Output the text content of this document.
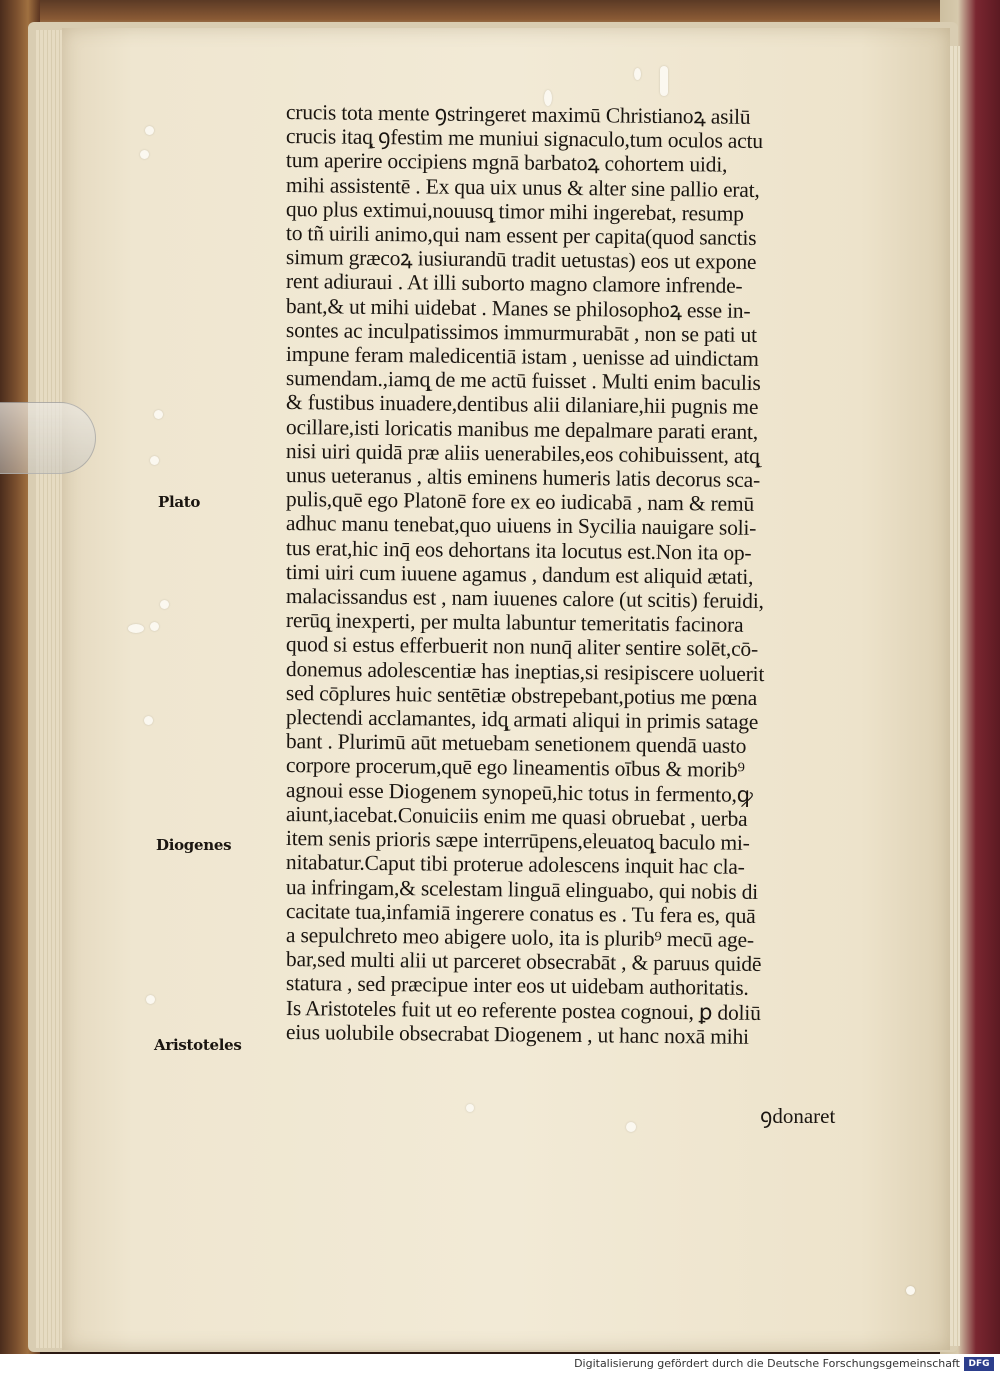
Plato
Diogenes
Aristoteles
crucis tota mente ꝯstringeret maximū Christianoꝝ asilū
crucis itaq̨ ꝯfestim me muniui signaculo,tum oculos actu
tum aperire occipiens mgnā barbatoꝝ cohortem uidi,
mihi assistentē . Ex qua uix unus & alter sine pallio erat,
quo plus extimui,nouusq̨ timor mihi ingerebat, resump
to tñ uirili animo,qui nam essent per capita(quod sanctis
simum græcoꝝ iusiurandū tradit uetustas) eos ut expone
rent adiuraui . At illi suborto magno clamore infrende-
bant,& ut mihi uidebat . Manes se philosophoꝝ esse in-
sontes ac inculpatissimos immurmurabāt , non se pati ut
impune feram maledicentiā istam , uenisse ad uindictam
sumendam.,iamq̨ de me actū fuisset . Multi enim baculis
& fustibus inuadere,dentibus alii dilaniare,hii pugnis me
ocillare,isti loricatis manibus me depalmare parati erant,
nisi uiri quidā præ aliis uenerabiles,eos cohibuissent, atq̨
unus ueteranus , altis eminens humeris latis decorus sca-
pulis,quē ego Platonē fore ex eo iudicabā , nam & remū
adhuc manu tenebat,quo uiuens in Sycilia nauigare soli-
tus erat,hic inq̄ eos dehortans ita locutus est.Non ita op-
timi uiri cum iuuene agamus , dandum est aliquid ætati,
malacissandus est , nam iuuenes calore (ut scitis) feruidi,
rerūq̨ inexperti, per multa labuntur temeritatis facinora
quod si estus efferbuerit non nunq̄ aliter sentire solēt,cō-
donemus adolescentiæ has ineptias,si resipiscere uoluerit
sed cōplures huic sentētiæ obstrepebant,potius me pœna
plectendi acclamantes, idq̨ armati aliqui in primis satage
bant . Plurimū aūt metuebam senetionem quendā uasto
corpore procerum,quē ego lineamentis oībus & morib⁹
agnoui esse Diogenem synopeū,hic totus in fermento,ꝙ
aiunt,iacebat.Conuiciis enim me quasi obruebat , uerba
item senis prioris sæpe interrūpens,eleuatoq̨ baculo mi-
nitabatur.Caput tibi proterue adolescens inquit hac cla-
ua infringam,& scelestam linguā elinguabo, qui nobis di
cacitate tua,infamiā ingerere conatus es . Tu fera es, quā
a sepulchreto meo abigere uolo, ita is plurib⁹ mecū age-
bar,sed multi alii ut parceret obsecrabāt , & paruus quidē
statura , sed præcipue inter eos ut uidebam authoritatis.
Is Aristoteles fuit ut eo referente postea cognoui, ꝑ doliū
eius uolubile obsecrabat Diogenem , ut hanc noxā mihi
ꝯdonaret
Digitalisierung gefördert durch die Deutsche Forschungsgemeinschaft DFG
